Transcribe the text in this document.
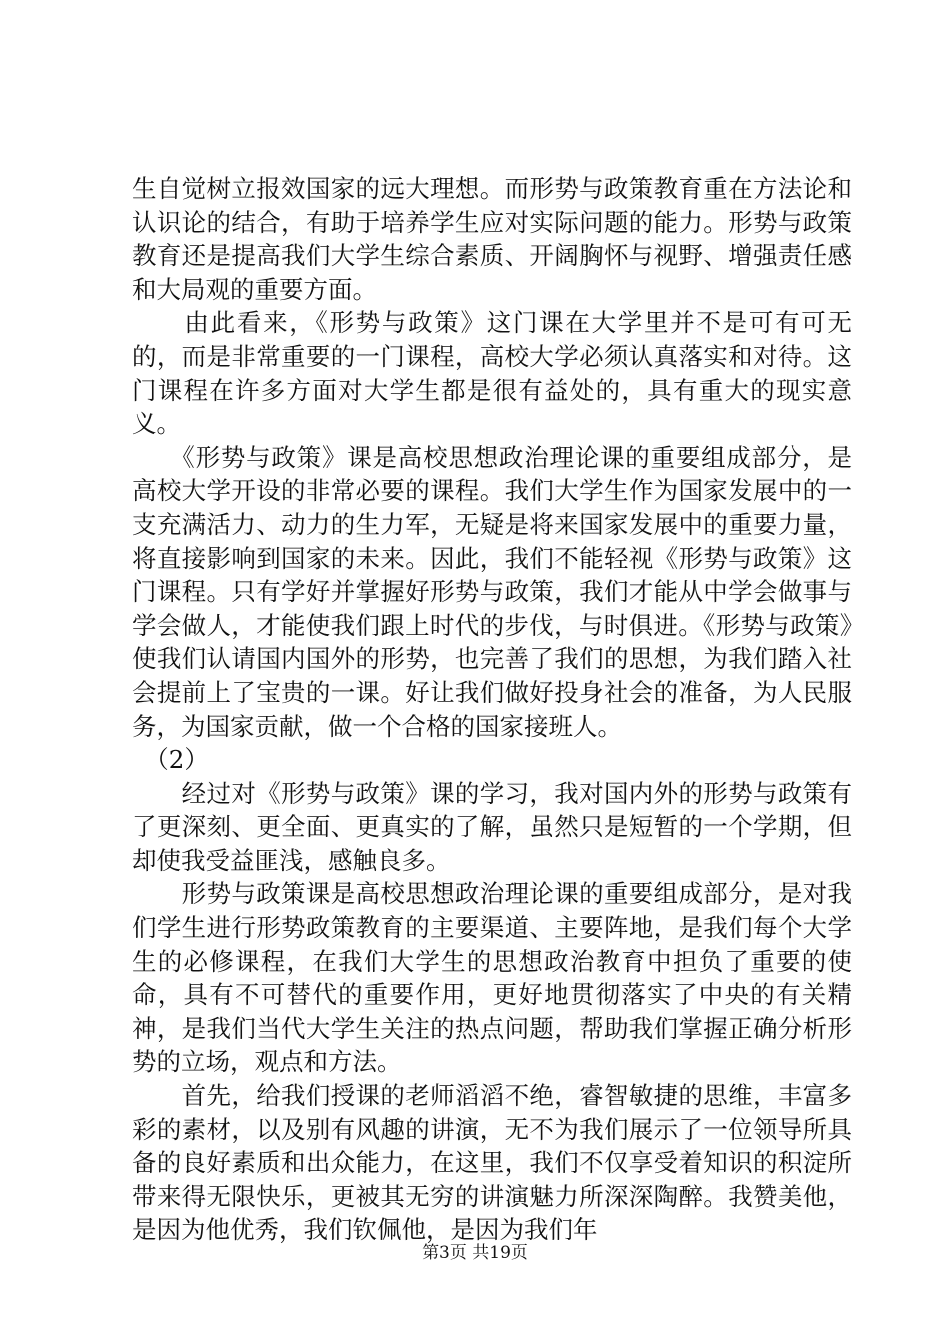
生自觉树立报效国家的远大理想。而形势与政策教育重在方法论和认识论的结合，有助于培养学生应对实际问题的能力。形势与政策教育还是提高我们大学生综合素质、开阔胸怀与视野、增强责任感和大局观的重要方面。

　　由此看来，《形势与政策》这门课在大学里并不是可有可无的，而是非常重要的一门课程，高校大学必须认真落实和对待。这门课程在许多方面对大学生都是很有益处的，具有重大的现实意义。

　　《形势与政策》课是高校思想政治理论课的重要组成部分，是高校大学开设的非常必要的课程。我们大学生作为国家发展中的一支充满活力、动力的生力军，无疑是将来国家发展中的重要力量，将直接影响到国家的未来。因此，我们不能轻视《形势与政策》这门课程。只有学好并掌握好形势与政策，我们才能从中学会做事与学会做人，才能使我们跟上时代的步伐，与时俱进。《形势与政策》使我们认请国内国外的形势，也完善了我们的思想，为我们踏入社会提前上了宝贵的一课。好让我们做好投身社会的准备，为人民服务，为国家贡献，做一个合格的国家接班人。

　（2）

　　经过对《形势与政策》课的学习，我对国内外的形势与政策有了更深刻、更全面、更真实的了解，虽然只是短暂的一个学期，但却使我受益匪浅，感触良多。

　　形势与政策课是高校思想政治理论课的重要组成部分，是对我们学生进行形势政策教育的主要渠道、主要阵地，是我们每个大学生的必修课程，在我们大学生的思想政治教育中担负了重要的使命，具有不可替代的重要作用，更好地贯彻落实了中央的有关精神，是我们当代大学生关注的热点问题，帮助我们掌握正确分析形势的立场，观点和方法。

　　首先，给我们授课的老师滔滔不绝，睿智敏捷的思维，丰富多彩的素材，以及别有风趣的讲演，无不为我们展示了一位领导所具备的良好素质和出众能力，在这里，我们不仅享受着知识的积淀所带来得无限快乐，更被其无穷的讲演魅力所深深陶醉。我赞美他，是因为他优秀，我们钦佩他，是因为我们年

第3页 共19页
